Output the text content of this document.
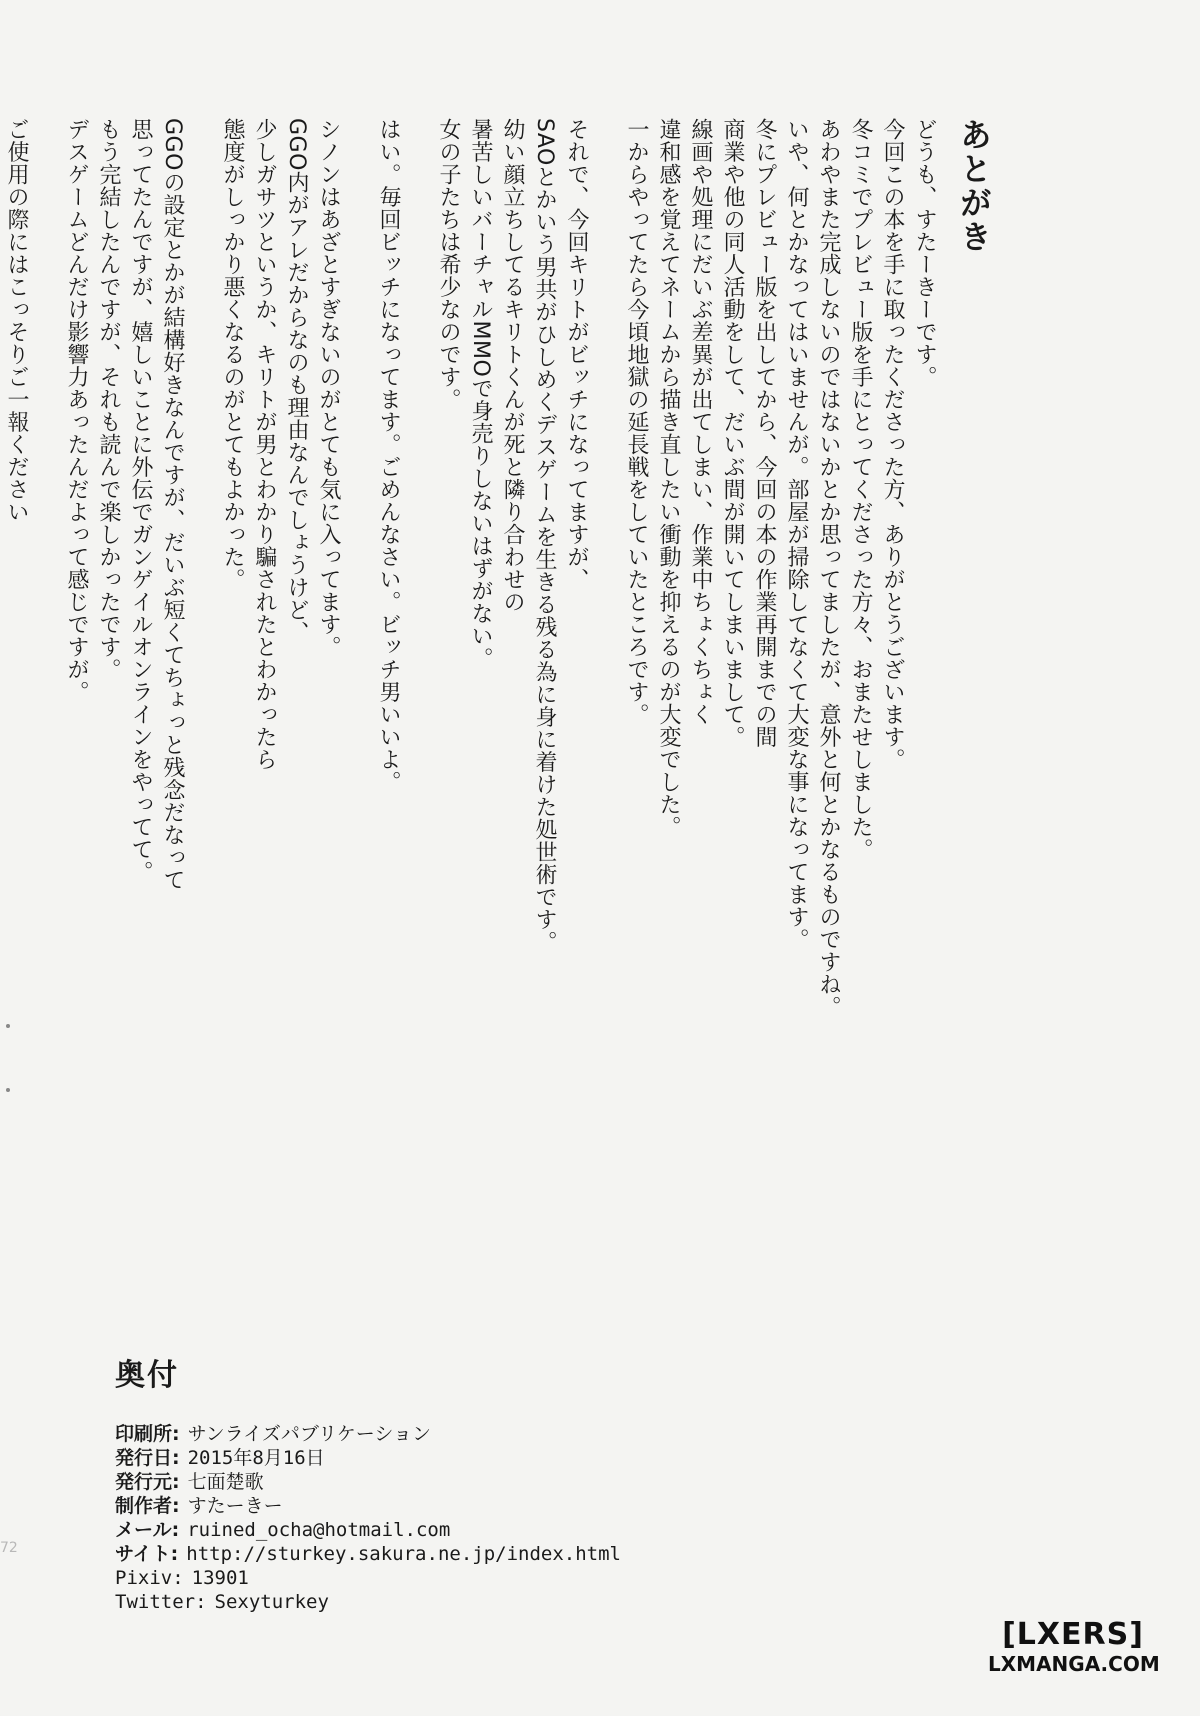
あとがき
どうも、すたーきーです。
今回この本を手に取ったくださった方、ありがとうございます。
冬コミでプレビュー版を手にとってくださった方々、おまたせしました。
あわやまた完成しないのではないかとか思ってましたが、意外と何とかなるものですね。
いや、何とかなってはいませんが。部屋が掃除してなくて大変な事になってます。
冬にプレビュー版を出してから、今回の本の作業再開までの間
商業や他の同人活動をして、だいぶ間が開いてしまいまして。
線画や処理にだいぶ差異が出てしまい、作業中ちょくちょく
違和感を覚えてネームから描き直したい衝動を抑えるのが大変でした。
一からやってたら今頃地獄の延長戦をしていたところです。
それで、今回キリトがビッチになってますが、
SAOとかいう男共がひしめくデスゲームを生きる残る為に身に着けた処世術です。
幼い顔立ちしてるキリトくんが死と隣り合わせの
暑苦しいバーチャルMMOで身売りしないはずがない。
女の子たちは希少なのです。
はい。毎回ビッチになってます。ごめんなさい。ビッチ男いいよ。
シノンはあざとすぎないのがとても気に入ってます。
GGO内がアレだからなのも理由なんでしょうけど、
少しガサツというか、キリトが男とわかり騙されたとわかったら
態度がしっかり悪くなるのがとてもよかった。
GGOの設定とかが結構好きなんですが、だいぶ短くてちょっと残念だなって
思ってたんですが、嬉しいことに外伝でガンゲイルオンラインをやってて。
もう完結したんですが、それも読んで楽しかったです。
デスゲームどんだけ影響力あったんだよって感じですが。
ご使用の際にはこっそりご一報ください
奥付
印刷所: サンライズパブリケーション
発行日: 2015年8月16日
発行元: 七面楚歌
制作者: すたーきー
メール: ruined_ocha@hotmail.com
サイト: http://sturkey.sakura.ne.jp/index.html
Pixiv: 13901
Twitter: Sexyturkey
72
[LXERS]
LXMANGA.COM
